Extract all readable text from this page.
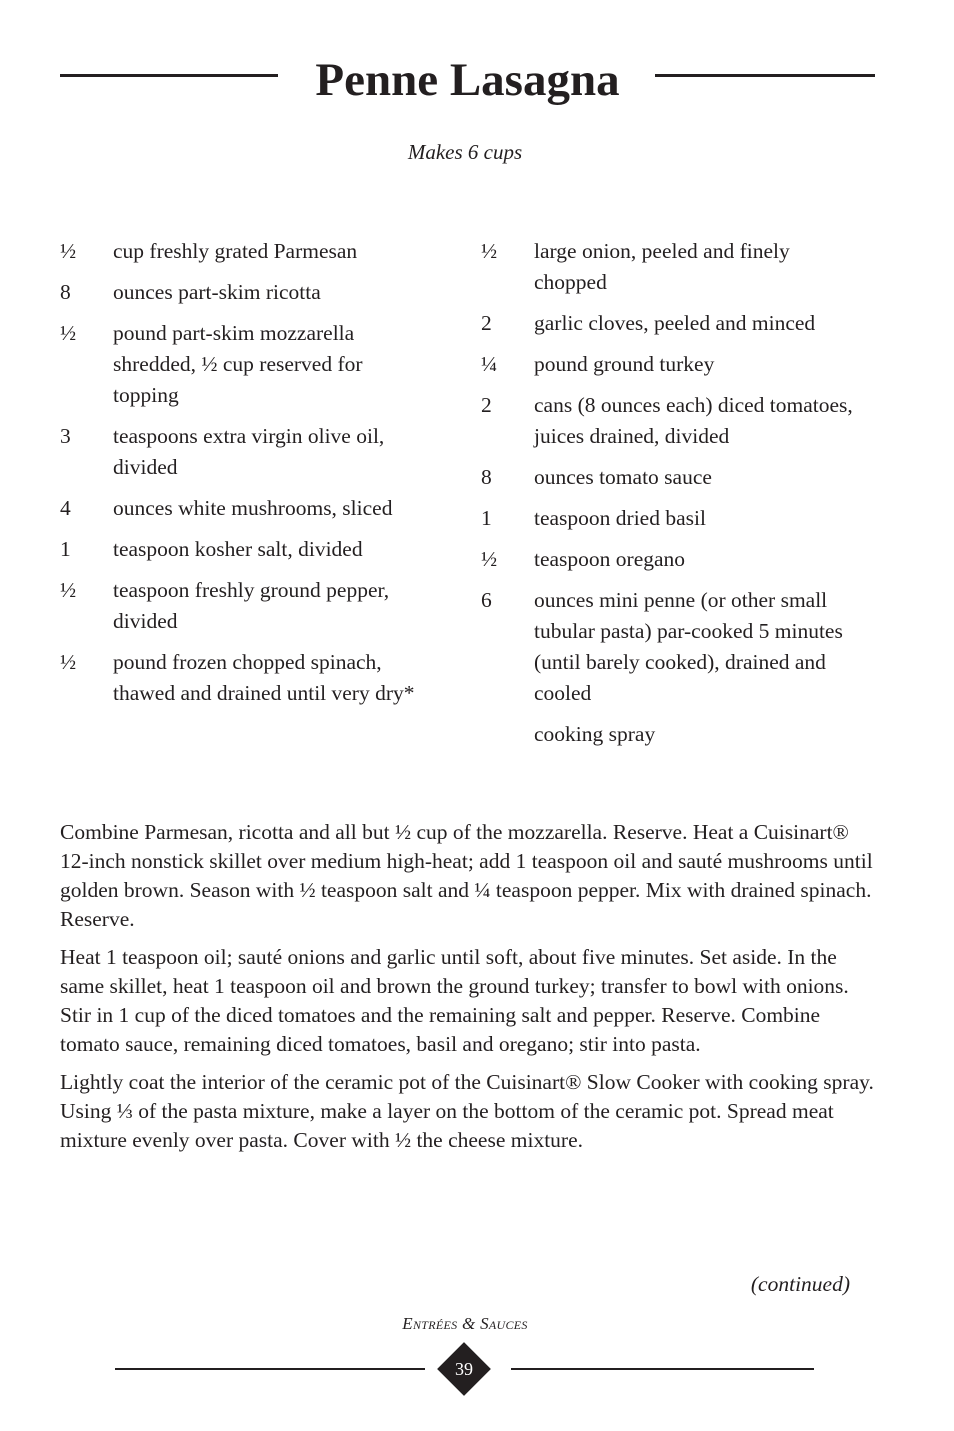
Penne Lasagna
Makes 6 cups
½	cup freshly grated Parmesan
8	ounces part-skim ricotta
½	pound part-skim mozzarella shredded, ½ cup reserved for topping
3	teaspoons extra virgin olive oil, divided
4	ounces white mushrooms, sliced
1	teaspoon kosher salt, divided
½	teaspoon freshly ground pepper, divided
½	pound frozen chopped spinach, thawed and drained until very dry*
½	large onion, peeled and finely chopped
2	garlic cloves, peeled and minced
¼	pound ground turkey
2	cans (8 ounces each) diced tomatoes, juices drained, divided
8	ounces tomato sauce
1	teaspoon dried basil
½	teaspoon oregano
6	ounces mini penne (or other small tubular pasta) par-cooked 5 minutes (until barely cooked), drained and cooled
cooking spray

Combine Parmesan, ricotta and all but ½ cup of the mozzarella. Reserve. Heat a Cuisinart® 12-inch nonstick skillet over medium high-heat; add 1 teaspoon oil and sauté mushrooms until golden brown. Season with ½ teaspoon salt and ¼ teaspoon pepper. Mix with drained spinach. Reserve.

Heat 1 teaspoon oil; sauté onions and garlic until soft, about five minutes. Set aside. In the same skillet, heat 1 teaspoon oil and brown the ground turkey; transfer to bowl with onions. Stir in 1 cup of the diced tomatoes and the remaining salt and pepper. Reserve. Combine tomato sauce, remaining diced tomatoes, basil and oregano; stir into pasta.

Lightly coat the interior of the ceramic pot of the Cuisinart® Slow Cooker with cooking spray. Using ⅓ of the pasta mixture, make a layer on the bottom of the ceramic pot. Spread meat mixture evenly over pasta. Cover with ½ the cheese mixture.

(continued)
Entrées & Sauces
39
